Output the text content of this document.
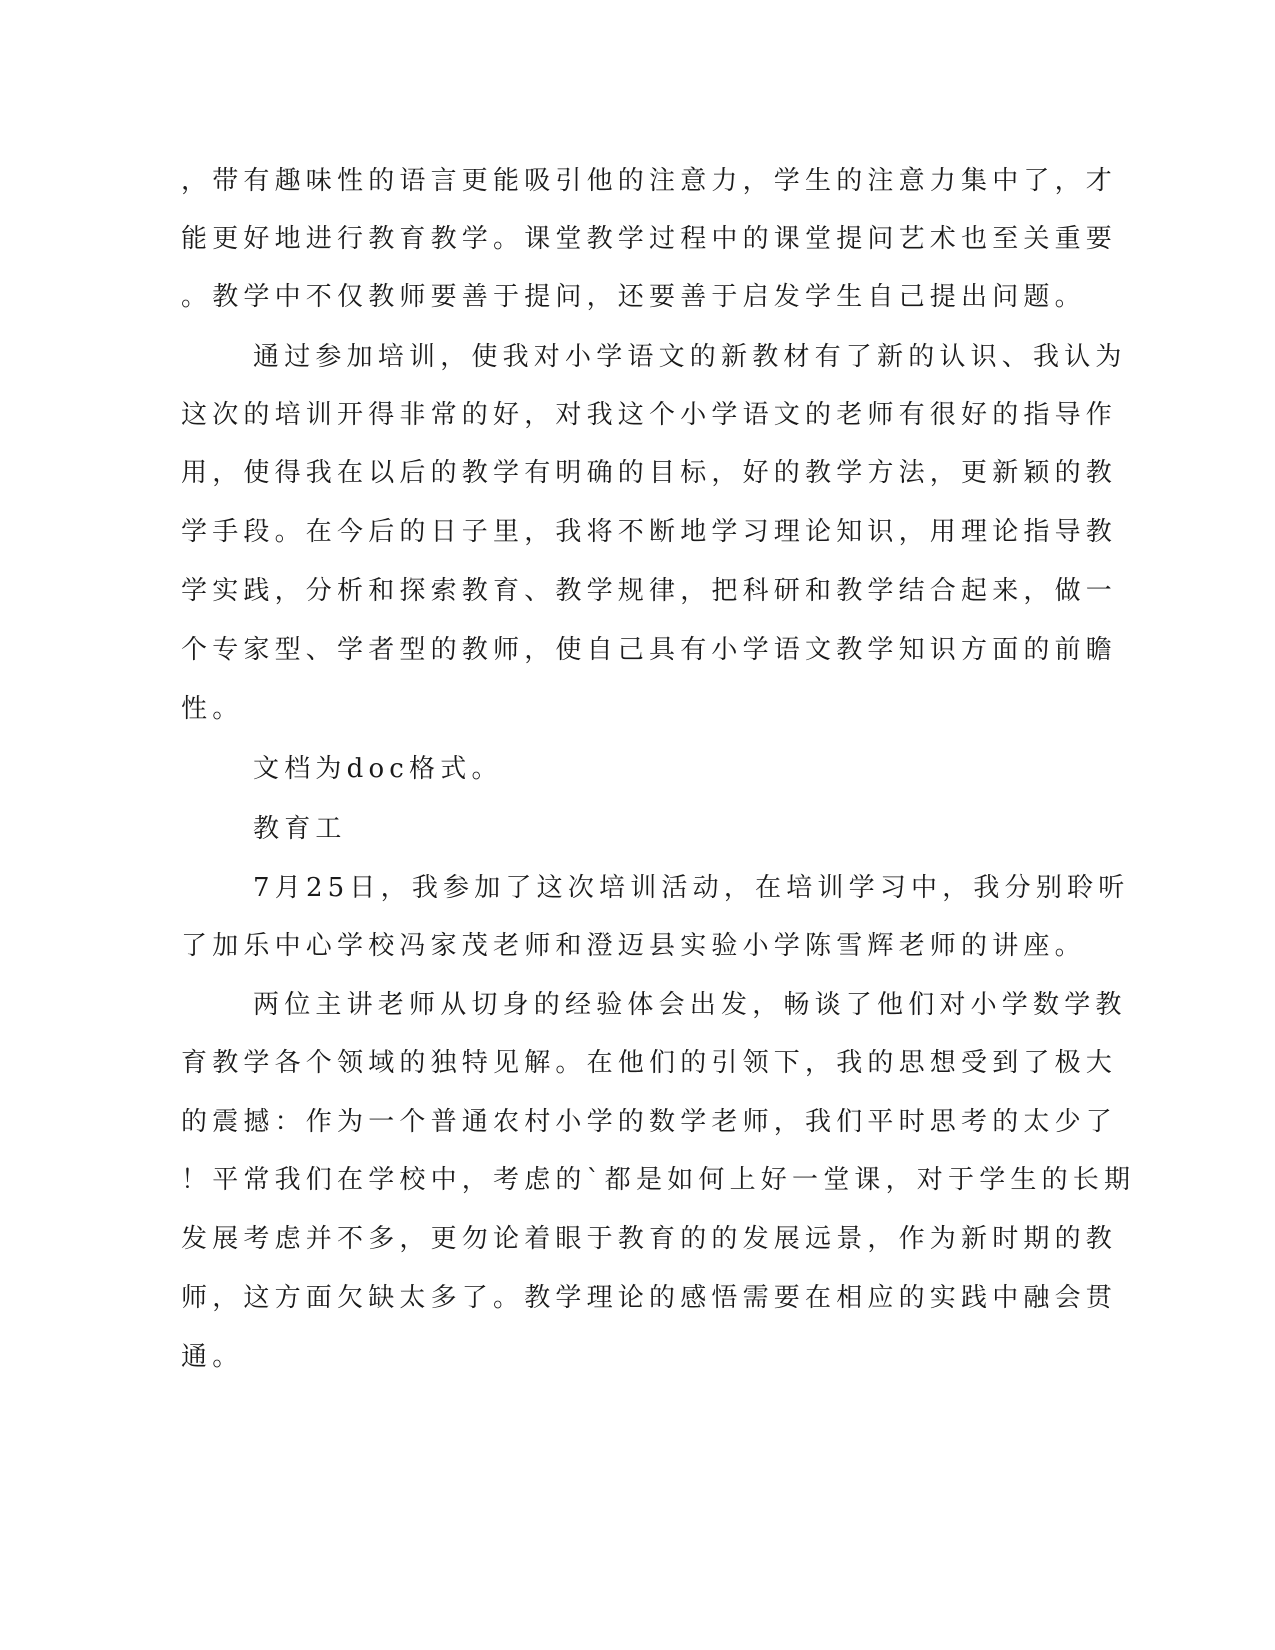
，带有趣味性的语言更能吸引他的注意力，学生的注意力集中了，才
能更好地进行教育教学。课堂教学过程中的课堂提问艺术也至关重要
。教学中不仅教师要善于提问，还要善于启发学生自己提出问题。
通过参加培训，使我对小学语文的新教材有了新的认识、我认为
这次的培训开得非常的好，对我这个小学语文的老师有很好的指导作
用，使得我在以后的教学有明确的目标，好的教学方法，更新颖的教
学手段。在今后的日子里，我将不断地学习理论知识，用理论指导教
学实践，分析和探索教育、教学规律，把科研和教学结合起来，做一
个专家型、学者型的教师，使自己具有小学语文教学知识方面的前瞻
性。
文档为doc格式。
教育工
7月25日，我参加了这次培训活动，在培训学习中，我分别聆听
了加乐中心学校冯家茂老师和澄迈县实验小学陈雪辉老师的讲座。
两位主讲老师从切身的经验体会出发，畅谈了他们对小学数学教
育教学各个领域的独特见解。在他们的引领下，我的思想受到了极大
的震撼：作为一个普通农村小学的数学老师，我们平时思考的太少了
！平常我们在学校中，考虑的`都是如何上好一堂课，对于学生的长期
发展考虑并不多，更勿论着眼于教育的的发展远景，作为新时期的教
师，这方面欠缺太多了。教学理论的感悟需要在相应的实践中融会贯
通。
